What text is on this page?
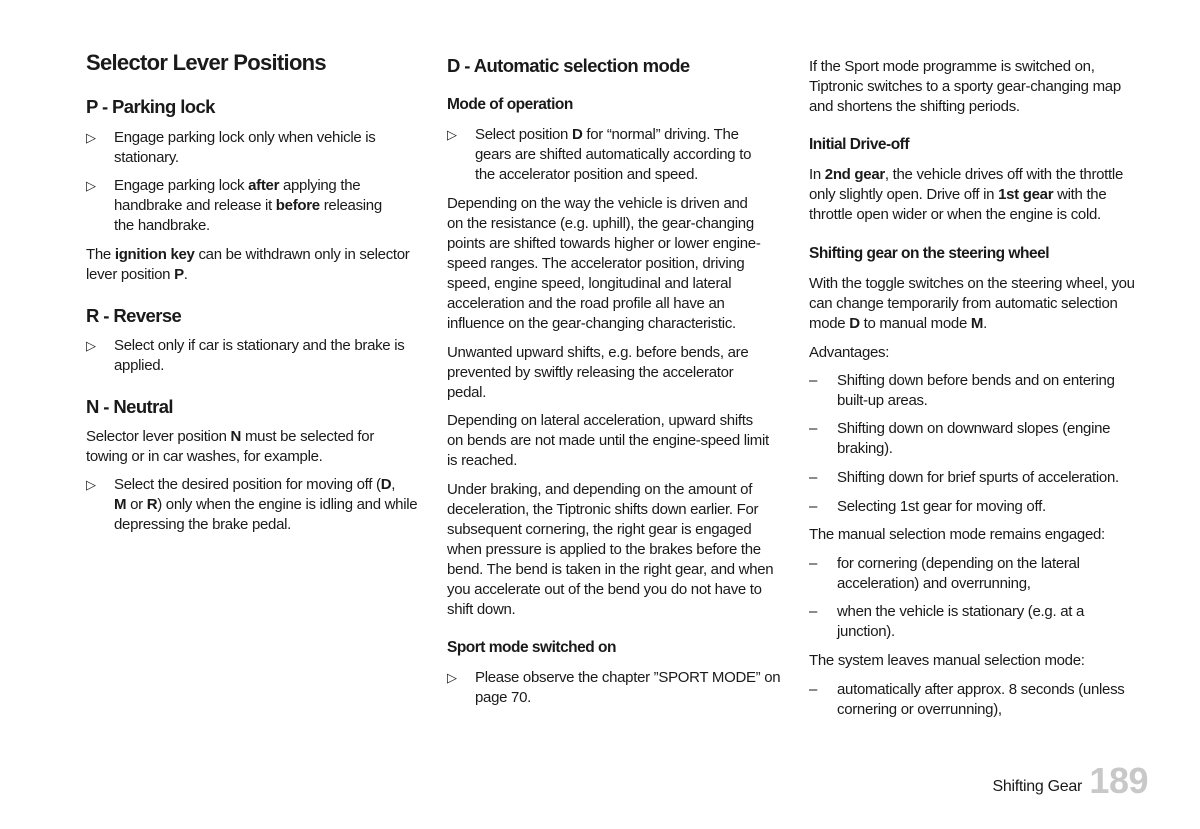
Selector Lever Positions
P - Parking lock
▷	Engage parking lock only when vehicle is
stationary.
▷	Engage parking lock after applying the
handbrake and release it before releasing
the handbrake.

The ignition key can be withdrawn only in selector
lever position P.

R - Reverse
▷	Select only if car is stationary and the brake is
applied.
N - Neutral

Selector lever position N must be selected for
towing or in car washes, for example.

▷	Select the desired position for moving off (D,
M or R) only when the engine is idling and while
depressing the brake pedal.
D - Automatic selection mode
Mode of operation
▷	Select position D for “normal” driving. The
gears are shifted automatically according to
the accelerator position and speed.

Depending on the way the vehicle is driven and
on the resistance (e.g. uphill), the gear-changing
points are shifted towards higher or lower engine-
speed ranges. The accelerator position, driving
speed, engine speed, longitudinal and lateral
acceleration and the road profile all have an
influence on the gear-changing characteristic.

Unwanted upward shifts, e.g. before bends, are
prevented by swiftly releasing the accelerator
pedal.

Depending on lateral acceleration, upward shifts
on bends are not made until the engine-speed limit
is reached.

Under braking, and depending on the amount of
deceleration, the Tiptronic shifts down earlier. For
subsequent cornering, the right gear is engaged
when pressure is applied to the brakes before the
bend. The bend is taken in the right gear, and when
you accelerate out of the bend you do not have to
shift down.

Sport mode switched on
▷	Please observe the chapter ”SPORT MODE” on
page 70.

If the Sport mode programme is switched on,
Tiptronic switches to a sporty gear-changing map
and shortens the shifting periods.

Initial Drive-off

In 2nd gear, the vehicle drives off with the throttle
only slightly open. Drive off in 1st gear with the
throttle open wider or when the engine is cold.

Shifting gear on the steering wheel

With the toggle switches on the steering wheel, you
can change temporarily from automatic selection
mode D to manual mode M.

Advantages:

–	Shifting down before bends and on entering
built-up areas.
–	Shifting down on downward slopes (engine
braking).
–	Shifting down for brief spurts of acceleration.
–	Selecting 1st gear for moving off.

The manual selection mode remains engaged:

–	for cornering (depending on the lateral
acceleration) and overrunning,
–	when the vehicle is stationary (e.g. at a
junction).

The system leaves manual selection mode:

–	automatically after approx. 8 seconds (unless
cornering or overrunning),
Shifting Gear 189
